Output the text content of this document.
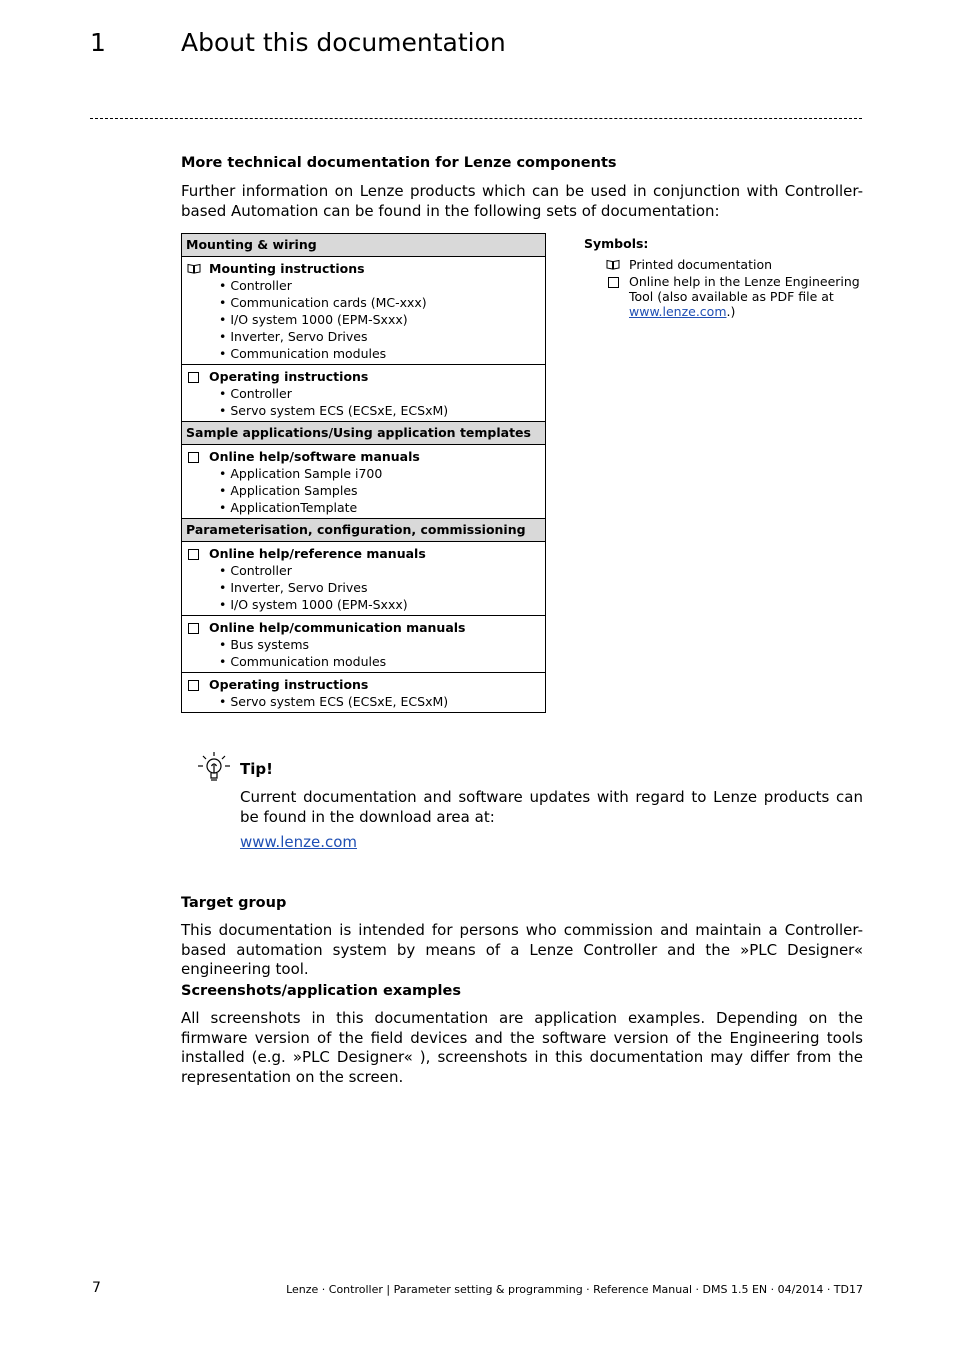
1	About this documentation
More technical documentation for Lenze components
Further information on Lenze products which can be used in conjunction with Controller-based Automation can be found in the following sets of documentation:
Mounting & wiring
Mounting instructions
• Controller
• Communication cards (MC-xxx)
• I/O system 1000 (EPM-Sxxx)
• Inverter, Servo Drives
• Communication modules
Operating instructions
• Controller
• Servo system ECS (ECSxE, ECSxM)
Sample applications/Using application templates
Online help/software manuals
• Application Sample i700
• Application Samples
• ApplicationTemplate
Parameterisation, configuration, commissioning
Online help/reference manuals
• Controller
• Inverter, Servo Drives
• I/O system 1000 (EPM-Sxxx)
Online help/communication manuals
• Bus systems
• Communication modules
Operating instructions
• Servo system ECS (ECSxE, ECSxM)
Symbols:
Printed documentation
Online help in the Lenze Engineering
Tool (also available as PDF file at
www.lenze.com.)
Tip!
Current documentation and software updates with regard to Lenze products can be found in the download area at:
www.lenze.com
Target group
This documentation is intended for persons who commission and maintain a Controller-based automation system by means of a Lenze Controller and the »PLC Designer« engineering tool.
Screenshots/application examples
All screenshots in this documentation are application examples. Depending on the firmware version of the field devices and the software version of the Engineering tools installed (e.g. »PLC Designer« ), screenshots in this documentation may differ from the representation on the screen.
7	Lenze · Controller | Parameter setting & programming · Reference Manual · DMS 1.5 EN · 04/2014 · TD17
